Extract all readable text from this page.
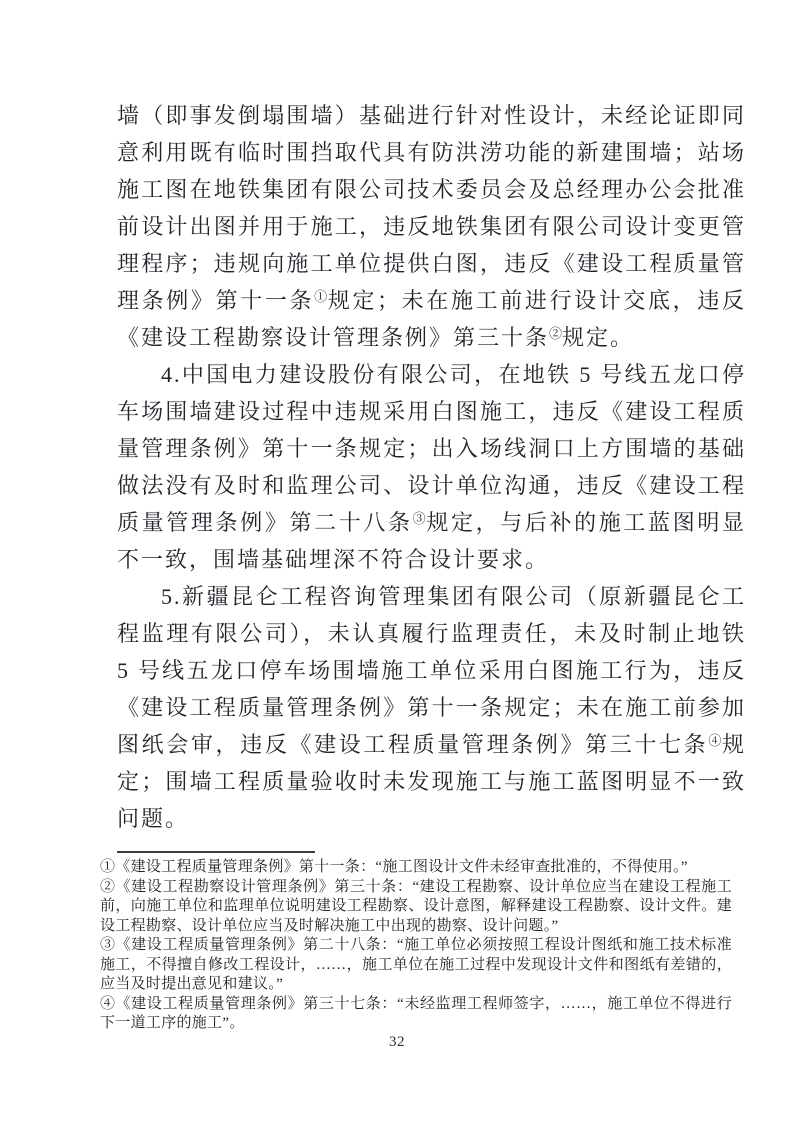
墙（即事发倒塌围墙）基础进行针对性设计，未经论证即同意利用既有临时围挡取代具有防洪涝功能的新建围墙；站场施工图在地铁集团有限公司技术委员会及总经理办公会批准前设计出图并用于施工，违反地铁集团有限公司设计变更管理程序；违规向施工单位提供白图，违反《建设工程质量管理条例》第十一条①规定；未在施工前进行设计交底，违反《建设工程勘察设计管理条例》第三十条②规定。

4.中国电力建设股份有限公司，在地铁 5 号线五龙口停车场围墙建设过程中违规采用白图施工，违反《建设工程质量管理条例》第十一条规定；出入场线洞口上方围墙的基础做法没有及时和监理公司、设计单位沟通，违反《建设工程质量管理条例》第二十八条③规定，与后补的施工蓝图明显不一致，围墙基础埋深不符合设计要求。

5.新疆昆仑工程咨询管理集团有限公司（原新疆昆仑工程监理有限公司），未认真履行监理责任，未及时制止地铁 5 号线五龙口停车场围墙施工单位采用白图施工行为，违反《建设工程质量管理条例》第十一条规定；未在施工前参加图纸会审，违反《建设工程质量管理条例》第三十七条④规定；围墙工程质量验收时未发现施工与施工蓝图明显不一致问题。

①《建设工程质量管理条例》第十一条：“施工图设计文件未经审查批准的，不得使用。”

②《建设工程勘察设计管理条例》第三十条：“建设工程勘察、设计单位应当在建设工程施工前，向施工单位和监理单位说明建设工程勘察、设计意图，解释建设工程勘察、设计文件。建设工程勘察、设计单位应当及时解决施工中出现的勘察、设计问题。”

③《建设工程质量管理条例》第二十八条：“施工单位必须按照工程设计图纸和施工技术标准施工，不得擅自修改工程设计，……，施工单位在施工过程中发现设计文件和图纸有差错的，应当及时提出意见和建议。”

④《建设工程质量管理条例》第三十七条：“未经监理工程师签字，……，施工单位不得进行下一道工序的施工”。

32
